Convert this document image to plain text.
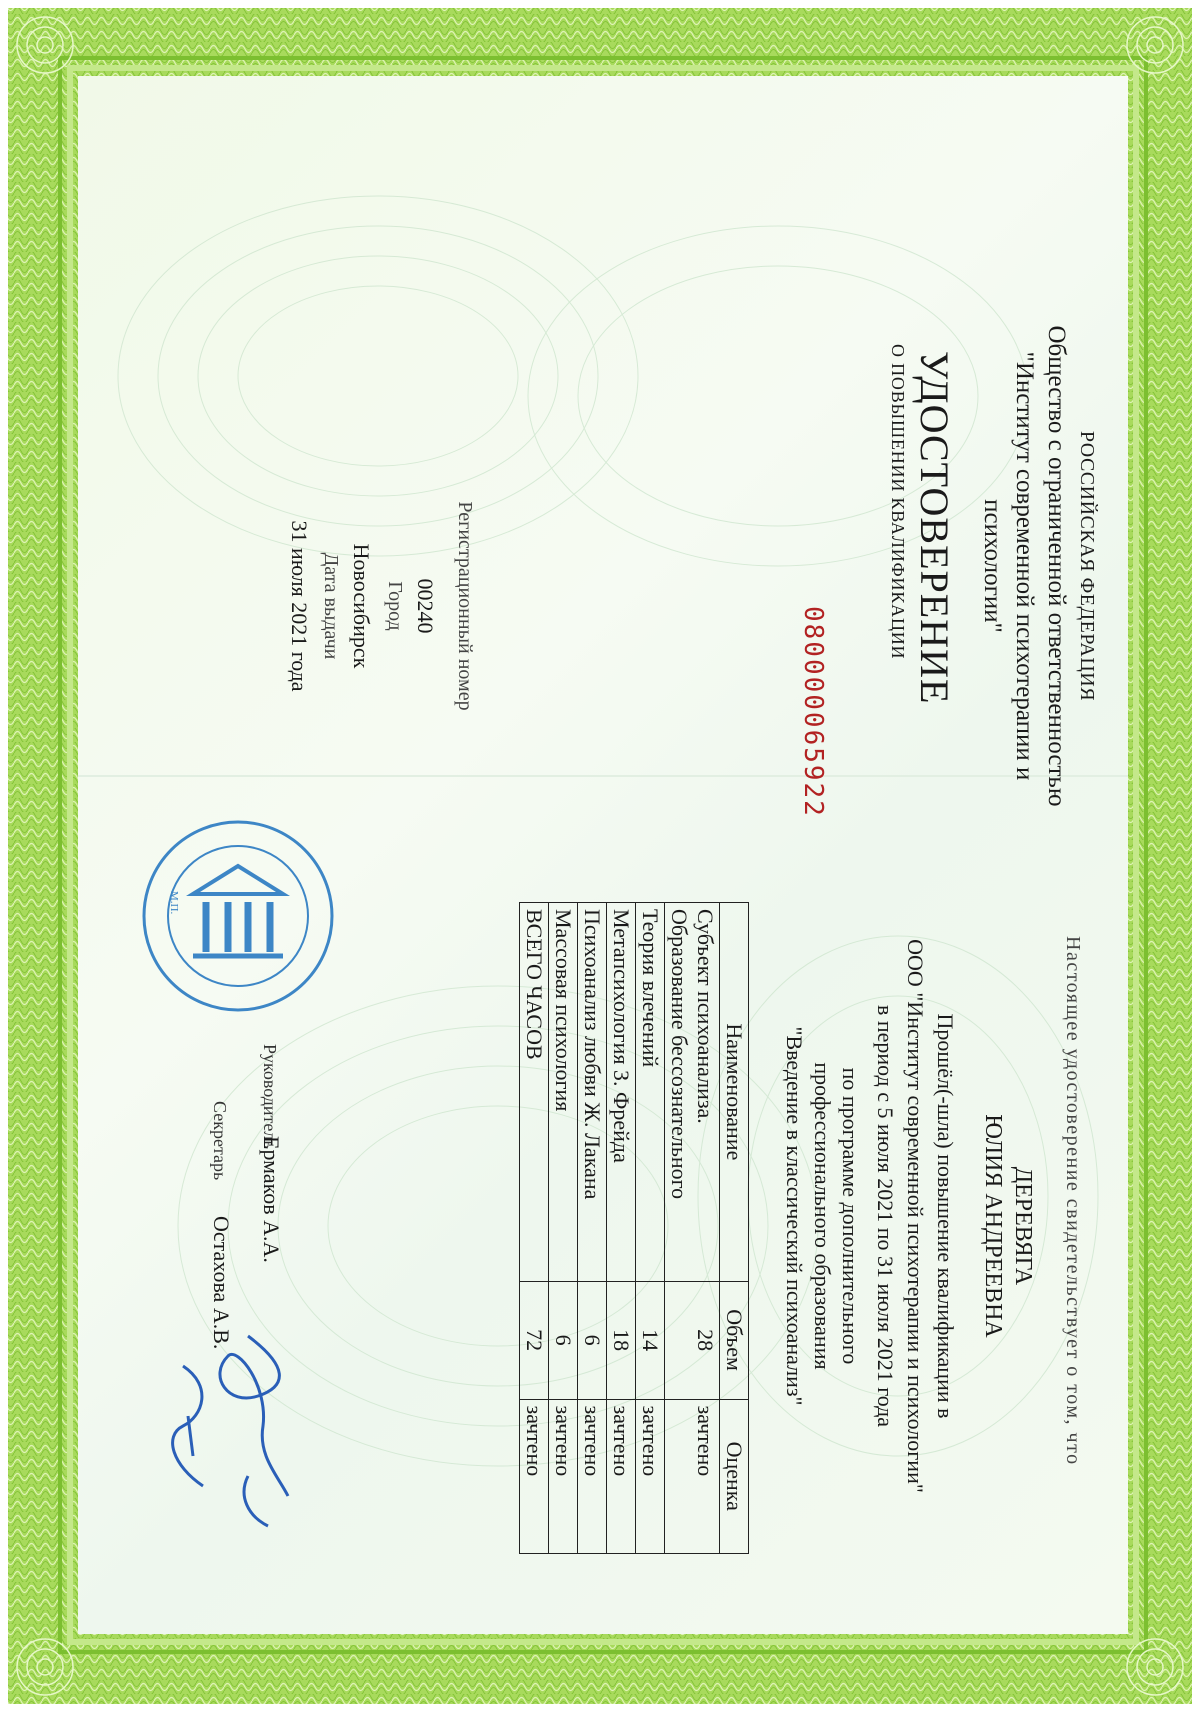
РОССИЙСКАЯ ФЕДЕРАЦИЯ
Общество с ограниченной ответственностью
"Институт современной психотерапии и
психологии"
УДОСТОВЕРЕНИЕ
О ПОВЫШЕНИИ КВАЛИФИКАЦИИ
080000065922
Регистрационный номер
00240
Город
Новосибирск
Дата выдачи
31 июля 2021 года
Настоящее удостоверение свидетельствует о том, что
ДЕРЕВЯГА
ЮЛИЯ АНДРЕЕВНА
Прошёл(-шла) повышение квалификации в
ООО "Институт современной психотерапии и психологии"
в период с 5 июля 2021 по 31 июля 2021 года
по программе дополнительного
профессионального образования
"Введение в классический психоанализ"
Наименование	Объем	Оценка

Субъект психоанализа.
Образование бессознательного	28	зачтено
Теория влечений	14	зачтено
Метапсихология З. Фрейда	18	зачтено
Психоанализ любви Ж. Лакана	6	зачтено
Массовая психология	6	зачтено
ВСЕГО ЧАСОВ	72	зачтено
Руководитель
Ермаков А.А.
Секретарь
Остахова А.В.
М.П.
